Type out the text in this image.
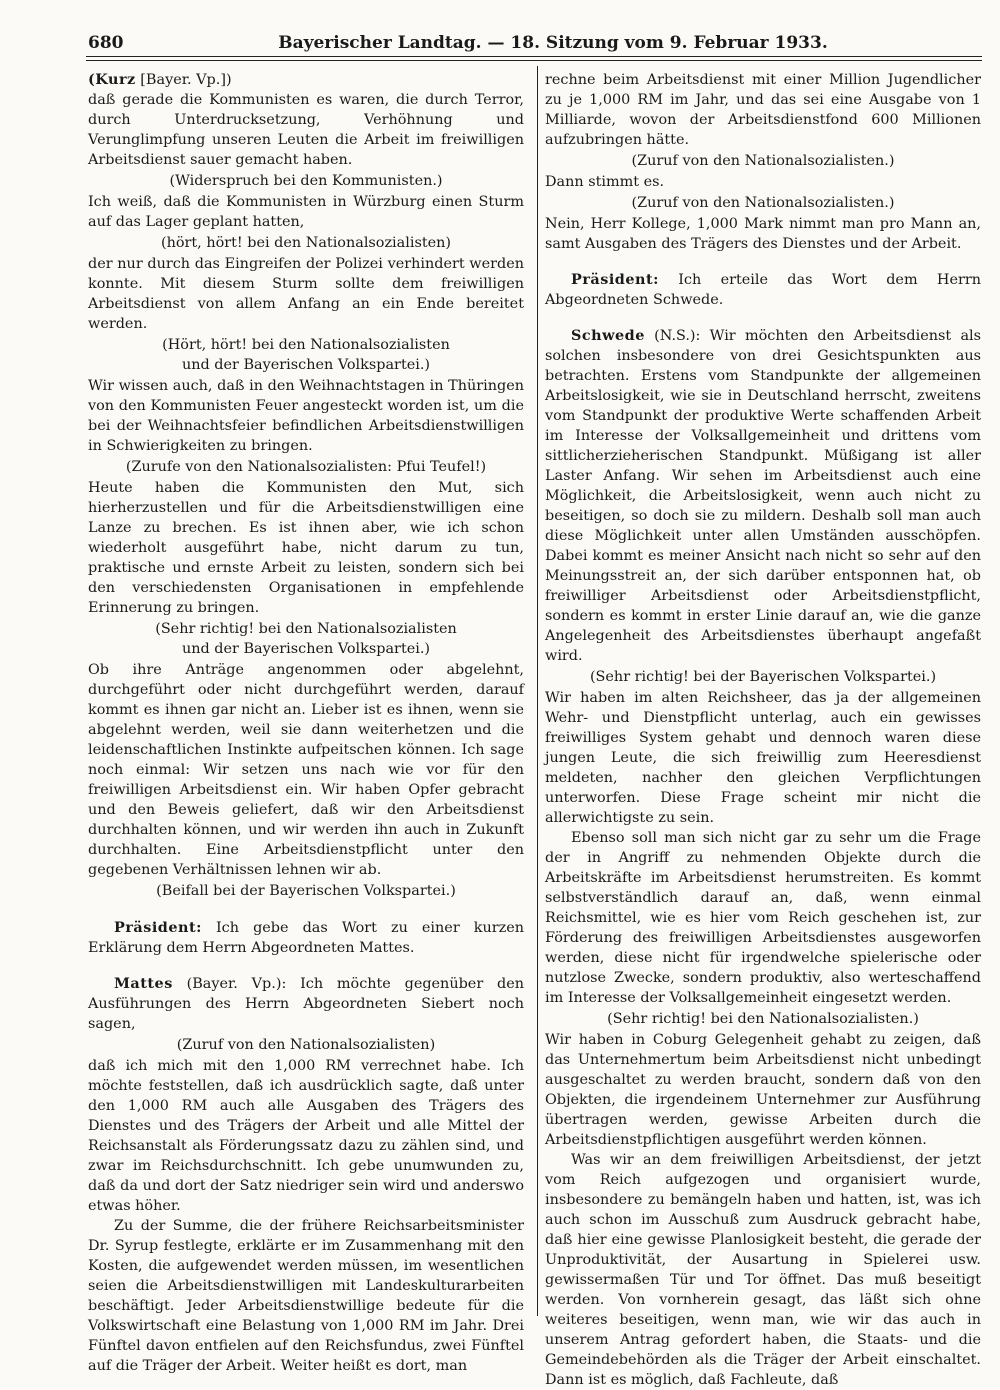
680	Bayerischer Landtag. — 18. Sitzung vom 9. Februar 1933.

(Kurz [Bayer. Vp.])

daß gerade die Kommunisten es waren, die durch Terror, durch Unterdrucksetzung, Verhöhnung und Verunglimpfung unseren Leuten die Arbeit im freiwilligen Arbeitsdienst sauer gemacht haben.

(Widerspruch bei den Kommunisten.)

Ich weiß, daß die Kommunisten in Würzburg einen Sturm auf das Lager geplant hatten,

(hört, hört! bei den Nationalsozialisten)

der nur durch das Eingreifen der Polizei verhindert werden konnte. Mit diesem Sturm sollte dem freiwilligen Arbeitsdienst von allem Anfang an ein Ende bereitet werden.

(Hört, hört! bei den Nationalsozialisten

und der Bayerischen Volkspartei.)

Wir wissen auch, daß in den Weihnachtstagen in Thüringen von den Kommunisten Feuer angesteckt worden ist, um die bei der Weihnachtsfeier befindlichen Arbeitsdienstwilligen in Schwierigkeiten zu bringen.

(Zurufe von den Nationalsozialisten: Pfui Teufel!)

Heute haben die Kommunisten den Mut, sich hierherzustellen und für die Arbeitsdienstwilligen eine Lanze zu brechen. Es ist ihnen aber, wie ich schon wiederholt ausgeführt habe, nicht darum zu tun, praktische und ernste Arbeit zu leisten, sondern sich bei den verschiedensten Organisationen in empfehlende Erinnerung zu bringen.

(Sehr richtig! bei den Nationalsozialisten

und der Bayerischen Volkspartei.)

Ob ihre Anträge angenommen oder abgelehnt, durchgeführt oder nicht durchgeführt werden, darauf kommt es ihnen gar nicht an. Lieber ist es ihnen, wenn sie abgelehnt werden, weil sie dann weiterhetzen und die leidenschaftlichen Instinkte aufpeitschen können. Ich sage noch einmal: Wir setzen uns nach wie vor für den freiwilligen Arbeitsdienst ein. Wir haben Opfer gebracht und den Beweis geliefert, daß wir den Arbeitsdienst durchhalten können, und wir werden ihn auch in Zukunft durchhalten. Eine Arbeitsdienstpflicht unter den gegebenen Verhältnissen lehnen wir ab.

(Beifall bei der Bayerischen Volkspartei.)

Präsident: Ich gebe das Wort zu einer kurzen Erklärung dem Herrn Abgeordneten Mattes.

Mattes (Bayer. Vp.): Ich möchte gegenüber den Ausführungen des Herrn Abgeordneten Siebert noch sagen,

(Zuruf von den Nationalsozialisten)

daß ich mich mit den 1,000 RM verrechnet habe. Ich möchte feststellen, daß ich ausdrücklich sagte, daß unter den 1,000 RM auch alle Ausgaben des Trägers des Dienstes und des Trägers der Arbeit und alle Mittel der Reichsanstalt als Förderungssatz dazu zu zählen sind, und zwar im Reichsdurchschnitt. Ich gebe unumwunden zu, daß da und dort der Satz niedriger sein wird und anderswo etwas höher.

Zu der Summe, die der frühere Reichsarbeitsminister Dr. Syrup festlegte, erklärte er im Zusammenhang mit den Kosten, die aufgewendet werden müssen, im wesentlichen seien die Arbeitsdienstwilligen mit Landeskulturarbeiten beschäftigt. Jeder Arbeitsdienstwillige bedeute für die Volkswirtschaft eine Belastung von 1,000 RM im Jahr. Drei Fünftel davon entfielen auf den Reichsfundus, zwei Fünftel auf die Träger der Arbeit. Weiter heißt es dort, man

rechne beim Arbeitsdienst mit einer Million Jugendlicher zu je 1,000 RM im Jahr, und das sei eine Ausgabe von 1 Milliarde, wovon der Arbeitsdienstfond 600 Millionen aufzubringen hätte.

(Zuruf von den Nationalsozialisten.)

Dann stimmt es.

(Zuruf von den Nationalsozialisten.)

Nein, Herr Kollege, 1,000 Mark nimmt man pro Mann an, samt Ausgaben des Trägers des Dienstes und der Arbeit.

Präsident: Ich erteile das Wort dem Herrn Abgeordneten Schwede.

Schwede (N.S.): Wir möchten den Arbeitsdienst als solchen insbesondere von drei Gesichtspunkten aus betrachten. Erstens vom Standpunkte der allgemeinen Arbeitslosigkeit, wie sie in Deutschland herrscht, zweitens vom Standpunkt der produktive Werte schaffenden Arbeit im Interesse der Volksallgemeinheit und drittens vom sittlicherzieherischen Standpunkt. Müßigang ist aller Laster Anfang. Wir sehen im Arbeitsdienst auch eine Möglichkeit, die Arbeitslosigkeit, wenn auch nicht zu beseitigen, so doch sie zu mildern. Deshalb soll man auch diese Möglichkeit unter allen Umständen ausschöpfen. Dabei kommt es meiner Ansicht nach nicht so sehr auf den Meinungsstreit an, der sich darüber entsponnen hat, ob freiwilliger Arbeitsdienst oder Arbeitsdienstpflicht, sondern es kommt in erster Linie darauf an, wie die ganze Angelegenheit des Arbeitsdienstes überhaupt angefaßt wird.

(Sehr richtig! bei der Bayerischen Volkspartei.)

Wir haben im alten Reichsheer, das ja der allgemeinen Wehr- und Dienstpflicht unterlag, auch ein gewisses freiwilliges System gehabt und dennoch waren diese jungen Leute, die sich freiwillig zum Heeresdienst meldeten, nachher den gleichen Verpflichtungen unterworfen. Diese Frage scheint mir nicht die allerwichtigste zu sein.

Ebenso soll man sich nicht gar zu sehr um die Frage der in Angriff zu nehmenden Objekte durch die Arbeitskräfte im Arbeitsdienst herumstreiten. Es kommt selbstverständlich darauf an, daß, wenn einmal Reichsmittel, wie es hier vom Reich geschehen ist, zur Förderung des freiwilligen Arbeitsdienstes ausgeworfen werden, diese nicht für irgendwelche spielerische oder nutzlose Zwecke, sondern produktiv, also werteschaffend im Interesse der Volksallgemeinheit eingesetzt werden.

(Sehr richtig! bei den Nationalsozialisten.)

Wir haben in Coburg Gelegenheit gehabt zu zeigen, daß das Unternehmertum beim Arbeitsdienst nicht unbedingt ausgeschaltet zu werden braucht, sondern daß von den Objekten, die irgendeinem Unternehmer zur Ausführung übertragen werden, gewisse Arbeiten durch die Arbeitsdienstpflichtigen ausgeführt werden können.

Was wir an dem freiwilligen Arbeitsdienst, der jetzt vom Reich aufgezogen und organisiert wurde, insbesondere zu bemängeln haben und hatten, ist, was ich auch schon im Ausschuß zum Ausdruck gebracht habe, daß hier eine gewisse Planlosigkeit besteht, die gerade der Unproduktivität, der Ausartung in Spielerei usw. gewissermaßen Tür und Tor öffnet. Das muß beseitigt werden. Von vornherein gesagt, das läßt sich ohne weiteres beseitigen, wenn man, wie wir das auch in unserem Antrag gefordert haben, die Staats- und die Gemeindebehörden als die Träger der Arbeit einschaltet. Dann ist es möglich, daß Fachleute, daß
